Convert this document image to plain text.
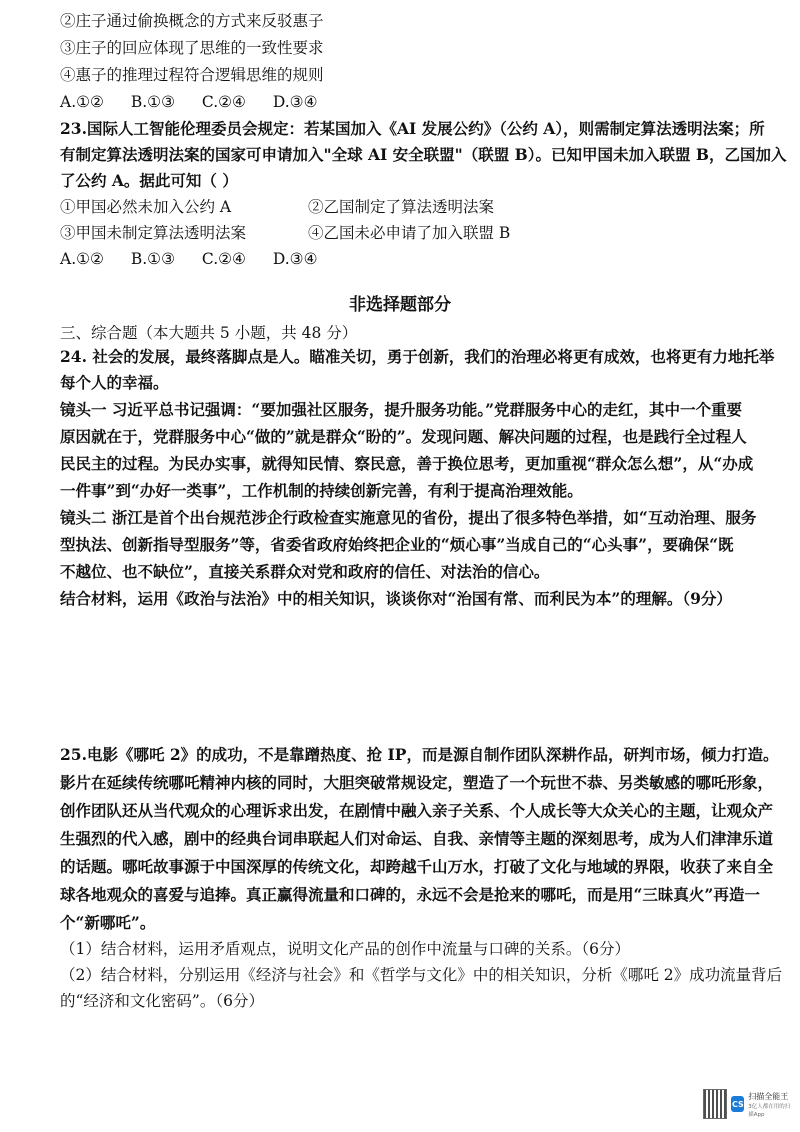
②庄子通过偷换概念的方式来反驳惠子
③庄子的回应体现了思维的一致性要求
④惠子的推理过程符合逻辑思维的规则
A.①② B.①③ C.②④ D.③④
23.国际人工智能伦理委员会规定：若某国加入《AI 发展公约》（公约 A），则需制定算法透明法案；所
有制定算法透明法案的国家可申请加入"全球 AI 安全联盟"（联盟 B）。已知甲国未加入联盟 B，乙国加入
了公约 A。据此可知（ ）
①甲国必然未加入公约 A	②乙国制定了算法透明法案
③甲国未制定算法透明法案	④乙国未必申请了加入联盟 B
A.①② B.①③ C.②④ D.③④
非选择题部分
三、综合题（本大题共 5 小题，共 48 分）
24. 社会的发展，最终落脚点是人。瞄准关切，勇于创新，我们的治理必将更有成效，也将更有力地托举
每个人的幸福。
镜头一 习近平总书记强调：“要加强社区服务，提升服务功能。”党群服务中心的走红，其中一个重要
原因就在于，党群服务中心“做的”就是群众“盼的”。发现问题、解决问题的过程，也是践行全过程人
民民主的过程。为民办实事，就得知民情、察民意，善于换位思考，更加重视“群众怎么想”，从“办成
一件事”到“办好一类事”，工作机制的持续创新完善，有利于提高治理效能。
镜头二 浙江是首个出台规范涉企行政检查实施意见的省份，提出了很多特色举措，如“互动治理、服务
型执法、创新指导型服务”等，省委省政府始终把企业的“烦心事”当成自己的“心头事”，要确保“既
不越位、也不缺位”，直接关系群众对党和政府的信任、对法治的信心。
结合材料，运用《政治与法治》中的相关知识，谈谈你对“治国有常、而利民为本”的理解。（9分）
25.电影《哪吒 2》的成功，不是靠蹭热度、抢 IP，而是源自制作团队深耕作品，研判市场，倾力打造。
影片在延续传统哪吒精神内核的同时，大胆突破常规设定，塑造了一个玩世不恭、另类敏感的哪吒形象，
创作团队还从当代观众的心理诉求出发，在剧情中融入亲子关系、个人成长等大众关心的主题，让观众产
生强烈的代入感，剧中的经典台词串联起人们对命运、自我、亲情等主题的深刻思考，成为人们津津乐道
的话题。哪吒故事源于中国深厚的传统文化，却跨越千山万水，打破了文化与地域的界限，收获了来自全
球各地观众的喜爱与追捧。真正赢得流量和口碑的，永远不会是抢来的哪吒，而是用“三昧真火”再造一
个“新哪吒”。
（1）结合材料，运用矛盾观点，说明文化产品的创作中流量与口碑的关系。（6分）
（2）结合材料，分别运用《经济与社会》和《哲学与文化》中的相关知识，分析《哪吒 2》成功流量背后
的“经济和文化密码”。（6分）
CS
扫描全能王
3亿人都在用的扫描App
